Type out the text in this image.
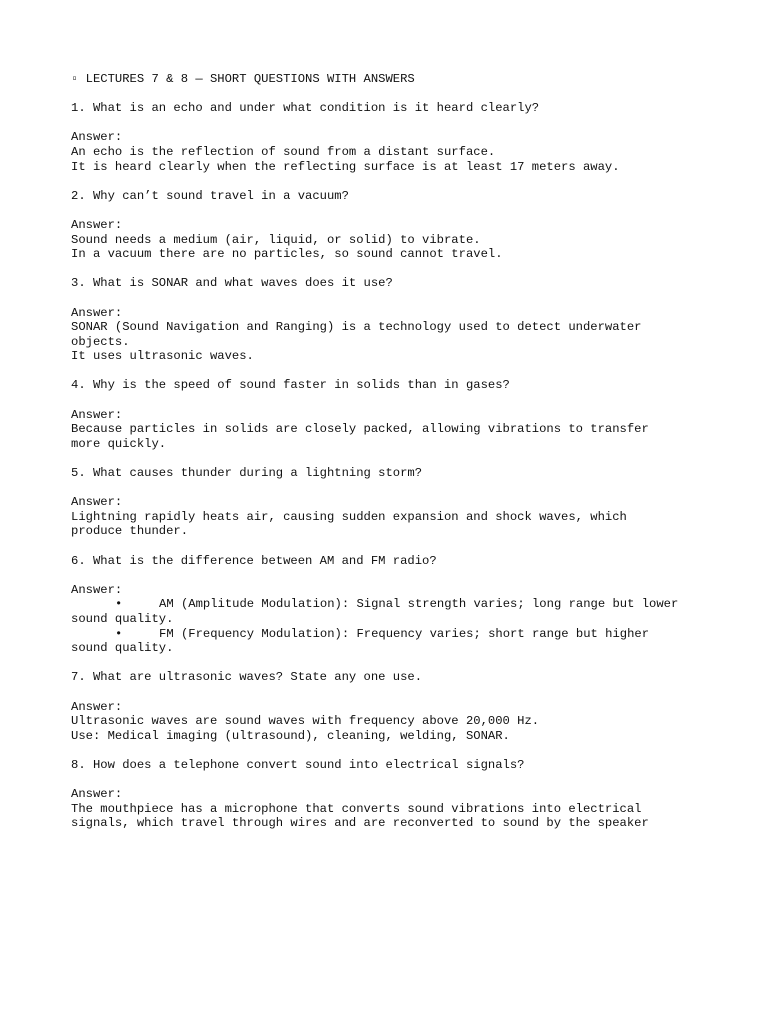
▫ LECTURES 7 & 8 — SHORT QUESTIONS WITH ANSWERS
1. What is an echo and under what condition is it heard clearly?
Answer:
An echo is the reflection of sound from a distant surface.
It is heard clearly when the reflecting surface is at least 17 meters away.
2. Why can’t sound travel in a vacuum?
Answer:
Sound needs a medium (air, liquid, or solid) to vibrate.
In a vacuum there are no particles, so sound cannot travel.
3. What is SONAR and what waves does it use?
Answer:
SONAR (Sound Navigation and Ranging) is a technology used to detect underwater
objects.
It uses ultrasonic waves.
4. Why is the speed of sound faster in solids than in gases?
Answer:
Because particles in solids are closely packed, allowing vibrations to transfer
more quickly.
5. What causes thunder during a lightning storm?
Answer:
Lightning rapidly heats air, causing sudden expansion and shock waves, which
produce thunder.
6. What is the difference between AM and FM radio?
Answer:
•	AM (Amplitude Modulation): Signal strength varies; long range but lower
sound quality.
•	FM (Frequency Modulation): Frequency varies; short range but higher
sound quality.
7. What are ultrasonic waves? State any one use.
Answer:
Ultrasonic waves are sound waves with frequency above 20,000 Hz.
Use: Medical imaging (ultrasound), cleaning, welding, SONAR.
8. How does a telephone convert sound into electrical signals?
Answer:
The mouthpiece has a microphone that converts sound vibrations into electrical
signals, which travel through wires and are reconverted to sound by the speaker
